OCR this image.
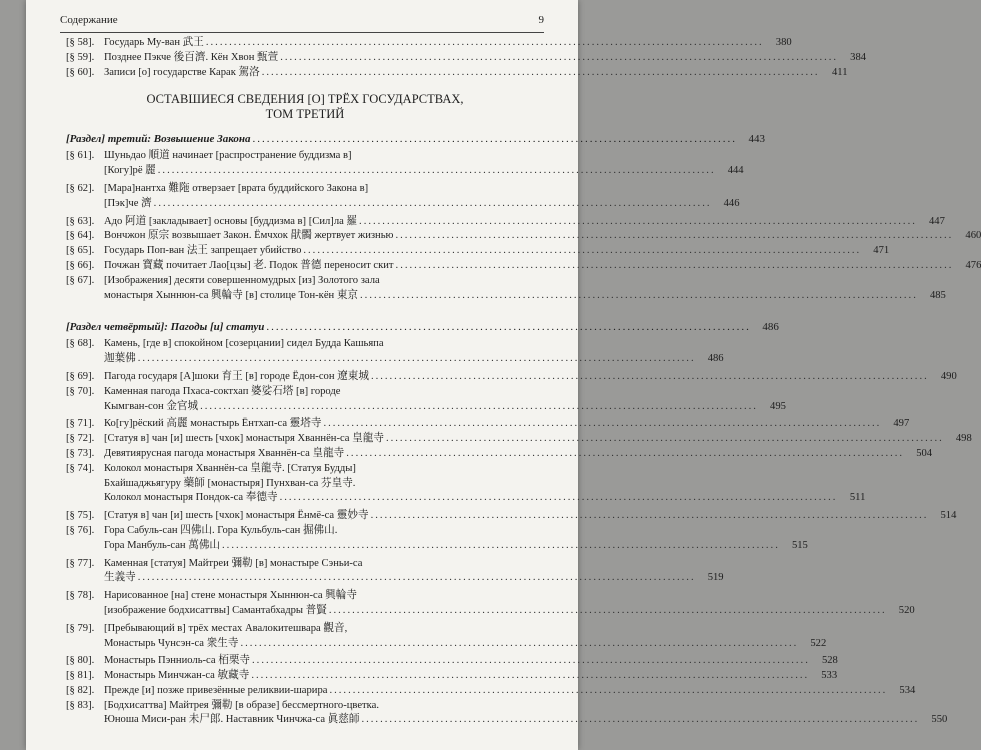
Содержание	9
[§ 58]. Государь Му-ван 武王 ........................................................................................................................	380
[§ 59]. Позднее Пэкче 後百濟. Кён Хвон 甄萱 ........................................................................................................................	384
[§ 60]. Записи [о] государстве Карак 駕洛 ........................................................................................................................	411
ОСТАВШИЕСЯ СВЕДЕНИЯ [О] ТРЁХ ГОСУДАРСТВАХ,
ТОМ ТРЕТИЙ
[Раздел] третий: Возвышение Закона ......................................................................................................	443
[§ 61]. Шуньдао 順道 начинает [распространение буддизма в]
[Когу]рё 麗 ........................................................................................................................	444
[§ 62]. [Мара]нантха 難陁 отверзает [врата буддийского Закона в]
[Пэк]че 濟 ........................................................................................................................	446
[§ 63]. Адо 阿道 [закладывает] основы [буддизма в] [Сил]ла 羅 ........................................................................................................................	447
[§ 64]. Вончжон 原宗 возвышает Закон. Ёмчхок 猒髑 жертвует жизнью ........................................................................................................................	460
[§ 65]. Государь Поп-ван 法王 запрещает убийство ........................................................................................................................	471
[§ 66]. Почжан 寶藏 почитает Лао[цзы] 老. Подок 普德 переносит скит ........................................................................................................................	476
[§ 67]. [Изображения] десяти совершенномудрых [из] Золотого зала
монастыря Хыннюн-са 興輪寺 [в] столице Тон-кён 東京 ........................................................................................................................	485
[Раздел четвёртый]: Пагоды [и] статуи ......................................................................................................	486
[§ 68]. Камень, [где в] спокойном [созерцании] сидел Будда Кашьяпа
迦葉佛 ........................................................................................................................	486
[§ 69]. Пагода государя [А]шоки 育王 [в] городе Ёдон-сон 遼東城 ........................................................................................................................	490
[§ 70]. Каменная пагода Пхаса-соктхап 婆娑石塔 [в] городе
Кымгван-сон 金官城 ........................................................................................................................	495
[§ 71]. Ко[гу]рёский 高麗 монастырь Ёнтхап-са 靈塔寺 ........................................................................................................................	497
[§ 72]. [Статуя в] чан [и] шесть [чхок] монастыря Хваннён-са 皇龍寺 ........................................................................................................................	498
[§ 73]. Девятиярусная пагода монастыря Хваннён-са 皇龍寺 ........................................................................................................................	504
[§ 74]. Колокол монастыря Хваннён-са 皇龍寺. [Статуя Будды]
Бхайшаджьягуру 藥師 [монастыря] Пунхван-са 芬皇寺.
Колокол монастыря Пондок-са 奉德寺 ........................................................................................................................	511
[§ 75]. [Статуя в] чан [и] шесть [чхок] монастыря Ёнмё-са 靈妙寺 ........................................................................................................................	514
[§ 76]. Гора Сабуль-сан 四佛山. Гора Кульбуль-сан 掘佛山.
Гора Манбуль-сан 萬佛山 ........................................................................................................................	515
[§ 77]. Каменная [статуя] Майтреи 彌勒 [в] монастыре Сэньи-са
生義寺 ........................................................................................................................	519
[§ 78]. Нарисованное [на] стене монастыря Хыннюн-са 興輪寺
[изображение бодхисаттвы] Самантабхадры 普賢 ........................................................................................................................	520
[§ 79]. [Пребывающий в] трёх местах Авалокитешвара 觀音,
Монастырь Чунсэн-са 衆生寺 ........................................................................................................................	522
[§ 80]. Монастырь Пэнниоль-са 栢栗寺 ........................................................................................................................	528
[§ 81]. Монастырь Минчжан-са 敏藏寺 ........................................................................................................................	533
[§ 82]. Прежде [и] позже привезённые реликвии-шарира ........................................................................................................................	534
[§ 83]. [Бодхисаттва] Майтрея 彌勒 [в образе] бессмертного-цветка.
Юноша Миси-ран 未尸郎. Наставник Чинчжа-са 眞慈師 ........................................................................................................................	550
